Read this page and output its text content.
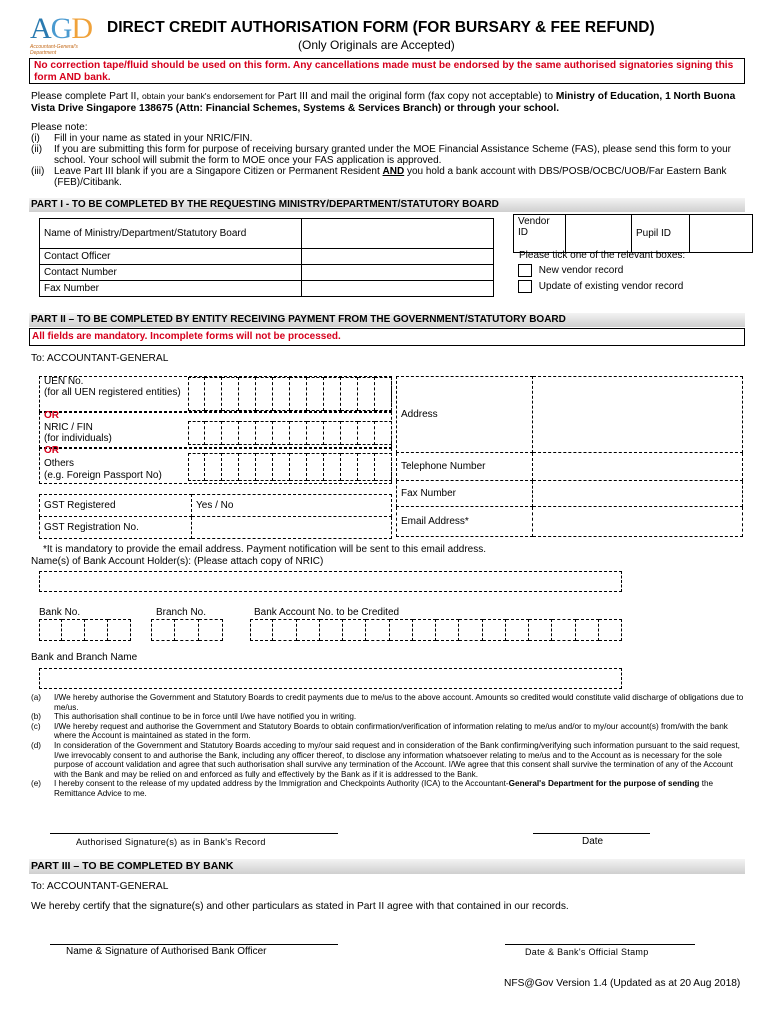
AGD
Accountant-General's Department
DIRECT CREDIT AUTHORISATION FORM (FOR BURSARY & FEE REFUND)
(Only Originals are Accepted)
No correction tape/fluid should be used on this form. Any cancellations made must be endorsed by the same authorised signatories signing this form AND bank.
Please complete Part II, obtain your bank's endorsement for Part III and mail the original form (fax copy not acceptable) to Ministry of Education, 1 North Buona Vista Drive Singapore 138675 (Attn: Financial Schemes, Systems & Services Branch) or through your school.
Please note:
(i) Fill in your name as stated in your NRIC/FIN.
(ii) If you are submitting this form for purpose of receiving bursary granted under the MOE Financial Assistance Scheme (FAS), please send this form to your school. Your school will submit the form to MOE once your FAS application is approved.
(iii) Leave Part III blank if you are a Singapore Citizen or Permanent Resident AND you hold a bank account with DBS/POSB/OCBC/UOB/Far Eastern Bank (FEB)/Citibank.
PART I - TO BE COMPLETED BY THE REQUESTING MINISTRY/DEPARTMENT/STATUTORY BOARD
Name of Ministry/Department/Statutory Board	
Contact Officer	
Contact Number	
Fax Number	
Vendor ID		Pupil ID	
Please tick one of the relevant boxes:
New vendor record
Update of existing vendor record
PART II – TO BE COMPLETED BY ENTITY RECEIVING PAYMENT FROM THE GOVERNMENT/STATUTORY BOARD
All fields are mandatory. Incomplete forms will not be processed.
To: ACCOUNTANT-GENERAL
UEN No.
(for all UEN registered entities)
OR
NRIC / FIN
(for individuals)
OR
Others
(e.g. Foreign Passport No)
GST Registered	Yes / No
GST Registration No.	
Address	
Telephone Number	
Fax Number	
Email Address*	
*It is mandatory to provide the email address. Payment notification will be sent to this email address.
Name(s) of Bank Account Holder(s): (Please attach copy of NRIC)
Bank No.	Branch No.	Bank Account No. to be Credited
Bank and Branch Name
(a) I/We hereby authorise the Government and Statutory Boards to credit payments due to me/us to the above account. Amounts so credited would constitute valid discharge of obligations due to me/us.
(b) This authorisation shall continue to be in force until I/we have notified you in writing.
(c) I/We hereby request and authorise the Government and Statutory Boards to obtain confirmation/verification of information relating to me/us and/or to my/our account(s) from/with the bank where the Account is maintained as stated in the form.
(d) In consideration of the Government and Statutory Boards acceding to my/our said request and in consideration of the Bank confirming/verifying such information pursuant to the said request, I/we irrevocably consent to and authorise the Bank, including any officer thereof, to disclose any information whatsoever relating to me/us and to the Account as is necessary for the sole purpose of account validation and agree that such authorisation shall survive any termination of the Account. I/We agree that this consent shall survive the termination of any of the Account with the Bank and may be relied on and enforced as fully and effectively by the Bank as if it is addressed to the Bank.
(e) I hereby consent to the release of my updated address by the Immigration and Checkpoints Authority (ICA) to the Accountant-General's Department for the purpose of sending the Remittance Advice to me.
Authorised Signature(s) as in Bank's Record	Date
PART III – TO BE COMPLETED BY BANK
To: ACCOUNTANT-GENERAL
We hereby certify that the signature(s) and other particulars as stated in Part II agree with that contained in our records.
Name & Signature of Authorised Bank Officer	Date & Bank's Official Stamp
NFS@Gov Version 1.4 (Updated as at 20 Aug 2018)
